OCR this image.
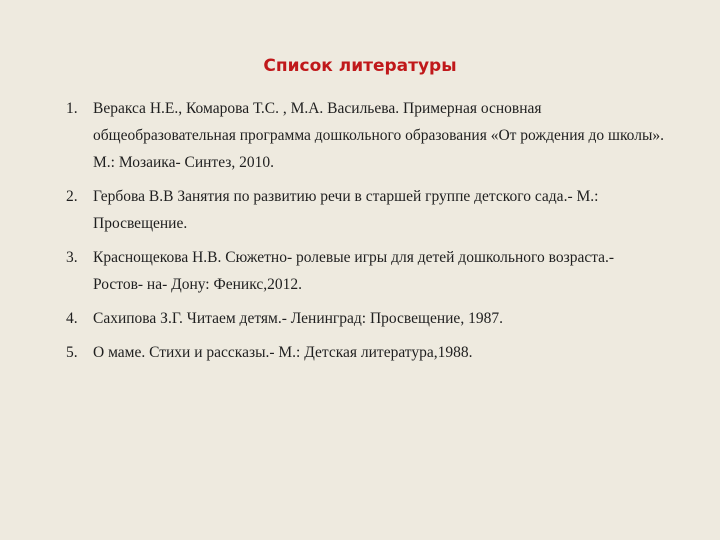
Список литературы
1. Веракса Н.Е., Комарова Т.С. , М.А. Васильева. Примерная основная общеобразовательная программа дошкольного образования «От рождения до школы». М.: Мозаика- Синтез, 2010.
2. Гербова В.В Занятия по развитию речи в старшей группе детского сада.- М.: Просвещение.
3. Краснощекова Н.В. Сюжетно- ролевые игры для детей дошкольного возраста.- Ростов- на- Дону: Феникс,2012.
4. Сахипова З.Г. Читаем детям.- Ленинград: Просвещение, 1987.
5. О маме. Стихи и рассказы.- М.: Детская литература,1988.
